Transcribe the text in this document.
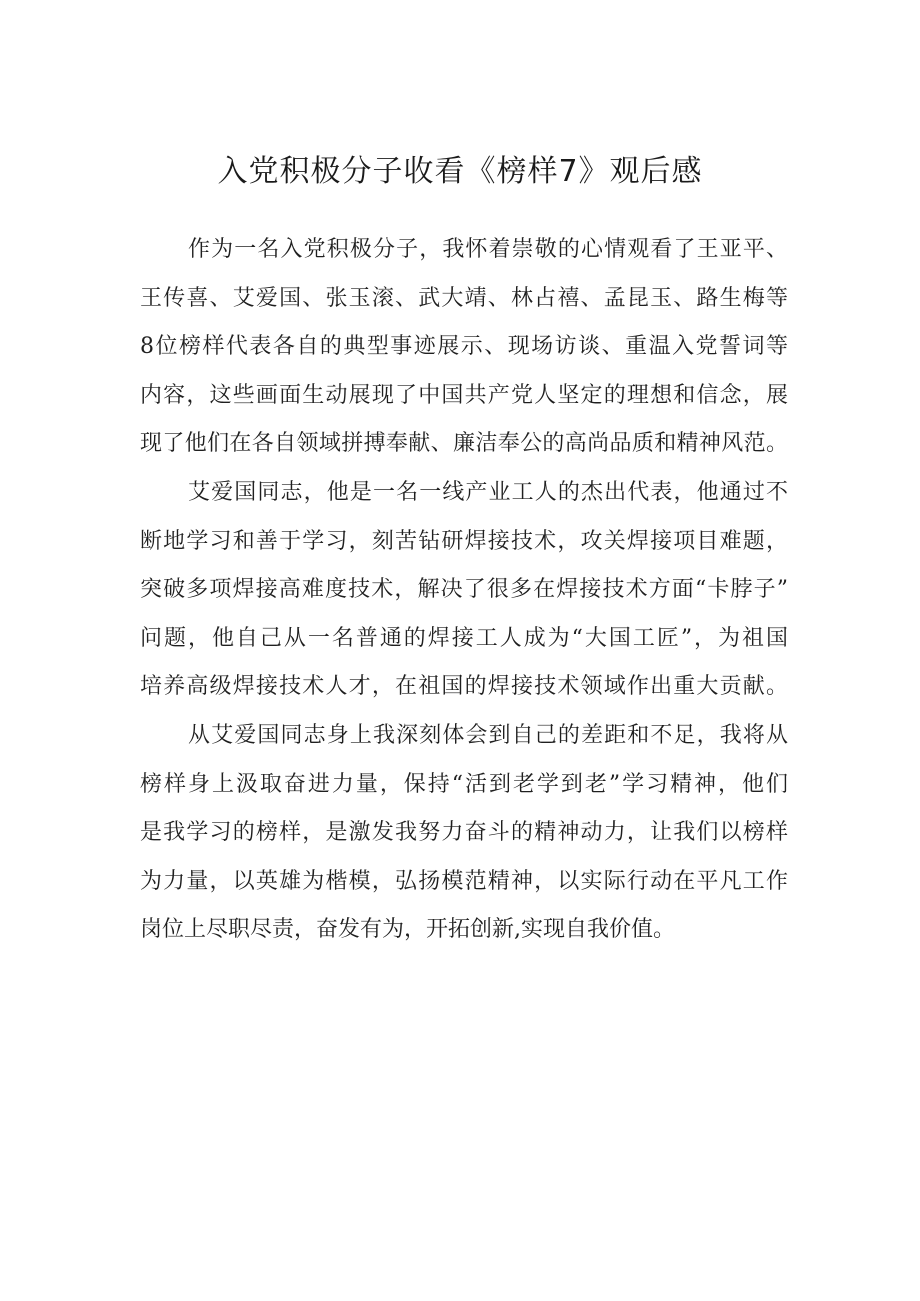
入党积极分子收看《榜样7》观后感

作为一名入党积极分子，我怀着崇敬的心情观看了王亚平、

王传喜、艾爱国、张玉滚、武大靖、林占禧、孟昆玉、路生梅等

8位榜样代表各自的典型事迹展示、现场访谈、重温入党誓词等

内容，这些画面生动展现了中国共产党人坚定的理想和信念，展

现了他们在各自领域拼搏奉献、廉洁奉公的高尚品质和精神风范。

艾爱国同志，他是一名一线产业工人的杰出代表，他通过不

断地学习和善于学习，刻苦钻研焊接技术，攻关焊接项目难题，

突破多项焊接高难度技术，解决了很多在焊接技术方面“卡脖子”

问题，他自己从一名普通的焊接工人成为“大国工匠”，为祖国

培养高级焊接技术人才，在祖国的焊接技术领域作出重大贡献。

从艾爱国同志身上我深刻体会到自己的差距和不足，我将从

榜样身上汲取奋进力量，保持“活到老学到老”学习精神，他们

是我学习的榜样，是激发我努力奋斗的精神动力，让我们以榜样

为力量，以英雄为楷模，弘扬模范精神，以实际行动在平凡工作

岗位上尽职尽责，奋发有为，开拓创新,实现自我价值。
